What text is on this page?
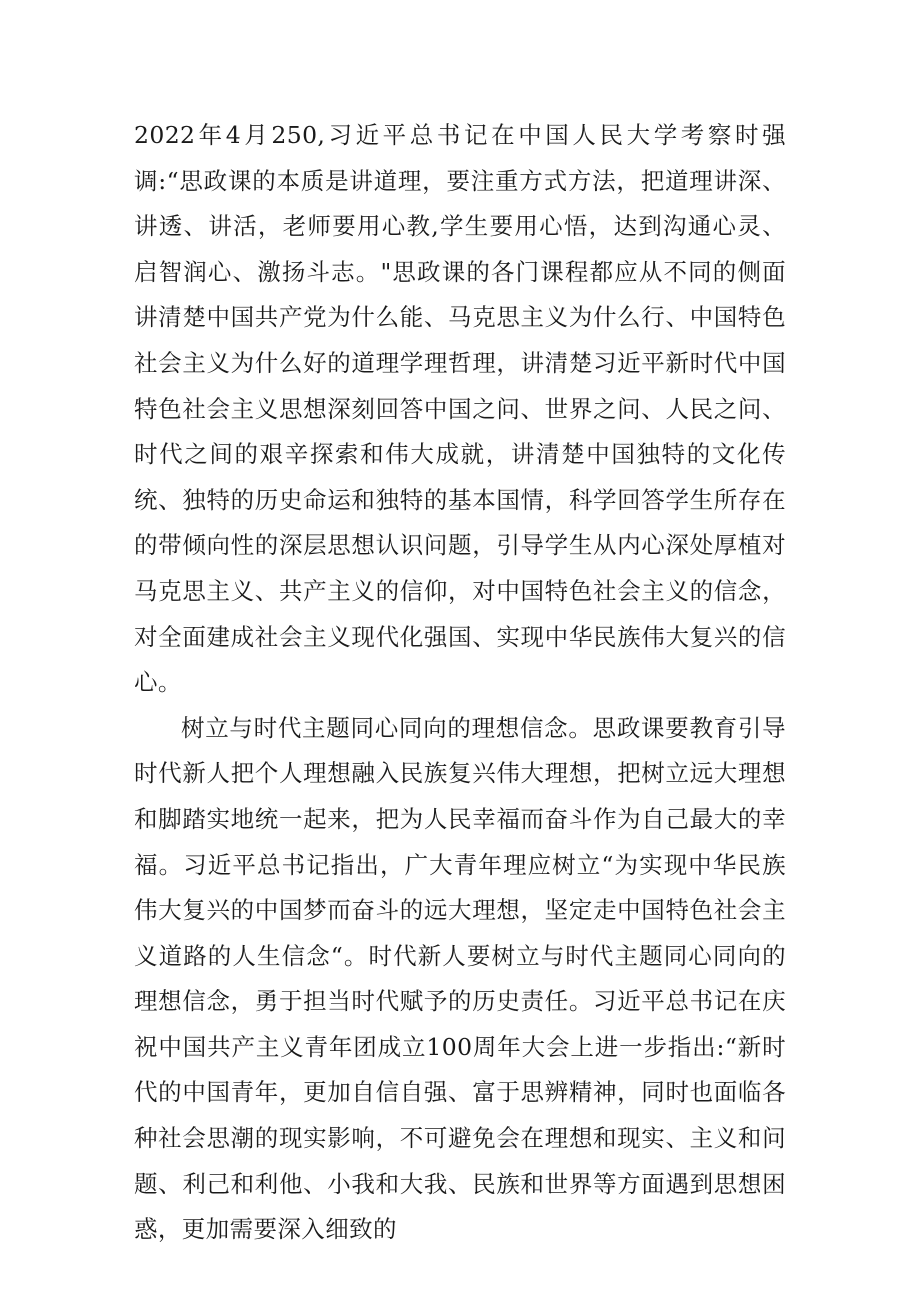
2022年4月250,习近平总书记在中国人民大学考察时强调:“思政课的本质是讲道理，要注重方式方法，把道理讲深、讲透、讲活，老师要用心教,学生要用心悟，达到沟通心灵、启智润心、激扬斗志。"思政课的各门课程都应从不同的侧面讲清楚中国共产党为什么能、马克思主义为什么行、中国特色社会主义为什么好的道理学理哲理，讲清楚习近平新时代中国特色社会主义思想深刻回答中国之问、世界之问、人民之问、时代之间的艰辛探索和伟大成就，讲清楚中国独特的文化传统、独特的历史命运和独特的基本国情，科学回答学生所存在的带倾向性的深层思想认识问题，引导学生从内心深处厚植对马克思主义、共产主义的信仰，对中国特色社会主义的信念，对全面建成社会主义现代化强国、实现中华民族伟大复兴的信心。

树立与时代主题同心同向的理想信念。思政课要教育引导时代新人把个人理想融入民族复兴伟大理想，把树立远大理想和脚踏实地统一起来，把为人民幸福而奋斗作为自己最大的幸福。习近平总书记指出，广大青年理应树立“为实现中华民族伟大复兴的中国梦而奋斗的远大理想，坚定走中国特色社会主义道路的人生信念“。时代新人要树立与时代主题同心同向的理想信念，勇于担当时代赋予的历史责任。习近平总书记在庆祝中国共产主义青年团成立100周年大会上进一步指出:“新时代的中国青年，更加自信自强、富于思辨精神，同时也面临各种社会思潮的现实影响，不可避免会在理想和现实、主义和问题、利己和利他、小我和大我、民族和世界等方面遇到思想困惑，更加需要深入细致的
